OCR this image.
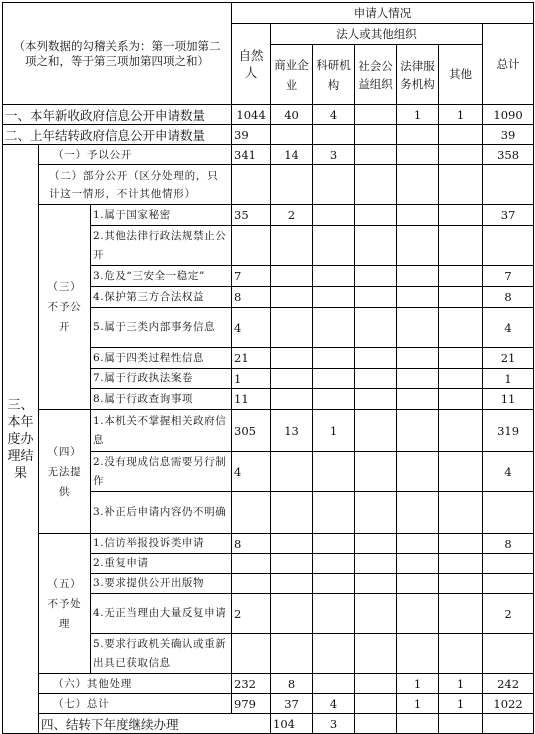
（本列数据的勾稽关系为：第一项加第二项之和，等于第三项加第四项之和）			申请人情况							
			自然人	法人或其他组织					总计	
				商业企业	科研机构	社会公益组织	法律服务机构	其他		
一、本年新收政府信息公开申请数量			1044	40	4		1	1	1090	
二、上年结转政府信息公开申请数量			39						39	
三、本年度办理结果	（一）予以公开		341	14	3				358	
	（二）部分公开（区分处理的，只计这一情形，不计其他情形）									
	（三）不予公开	1.属于国家秘密	35	2					37	
		2.其他法律行政法规禁止公开								
		3.危及“三安全一稳定”	7						7	
		4.保护第三方合法权益	8						8	
		5.属于三类内部事务信息	4						4	
		6.属于四类过程性信息	21						21	
		7.属于行政执法案卷	1						1	
		8.属于行政查询事项	11						11	
	（四）无法提供	1.本机关不掌握相关政府信息	305	13	1				319	
		2.没有现成信息需要另行制作	4						4	
		3.补正后申请内容仍不明确								
	（五）不予处理	1.信访举报投诉类申请	8						8	
		2.重复申请								
		3.要求提供公开出版物								
		4.无正当理由大量反复申请	2						2	
		5.要求行政机关确认或重新出具已获取信息								
	（六）其他处理		232	8			1	1	242	
	（七）总计		979	37	4		1	1	1022	
	四、结转下年度继续办理			104	3					
